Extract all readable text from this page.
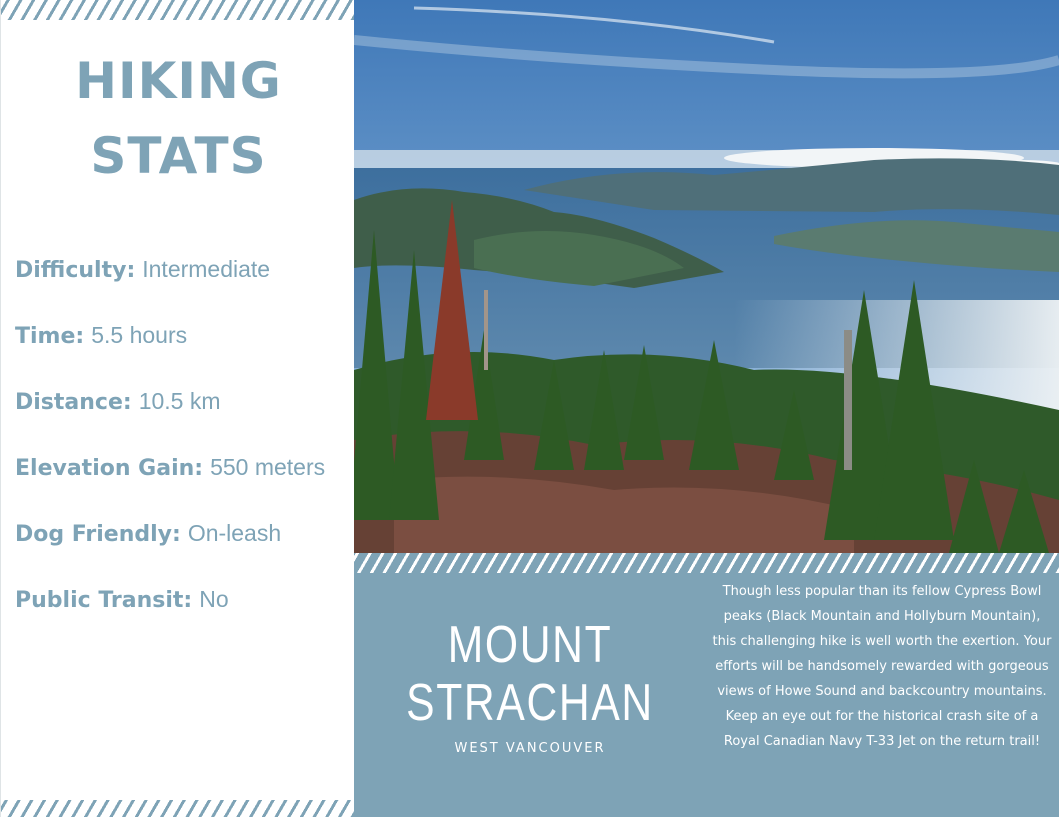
HIKING
STATS
Difficulty: Intermediate
Time: 5.5 hours
Distance: 10.5 km
Elevation Gain: 550 meters
Dog Friendly: On-leash
Public Transit: No
MOUNT
STRACHAN
WEST VANCOUVER
Though less popular than its fellow Cypress Bowl peaks (Black Mountain and Hollyburn Mountain), this challenging hike is well worth the exertion. Your efforts will be handsomely rewarded with gorgeous views of Howe Sound and backcountry mountains. Keep an eye out for the historical crash site of a Royal Canadian Navy T-33 Jet on the return trail!
